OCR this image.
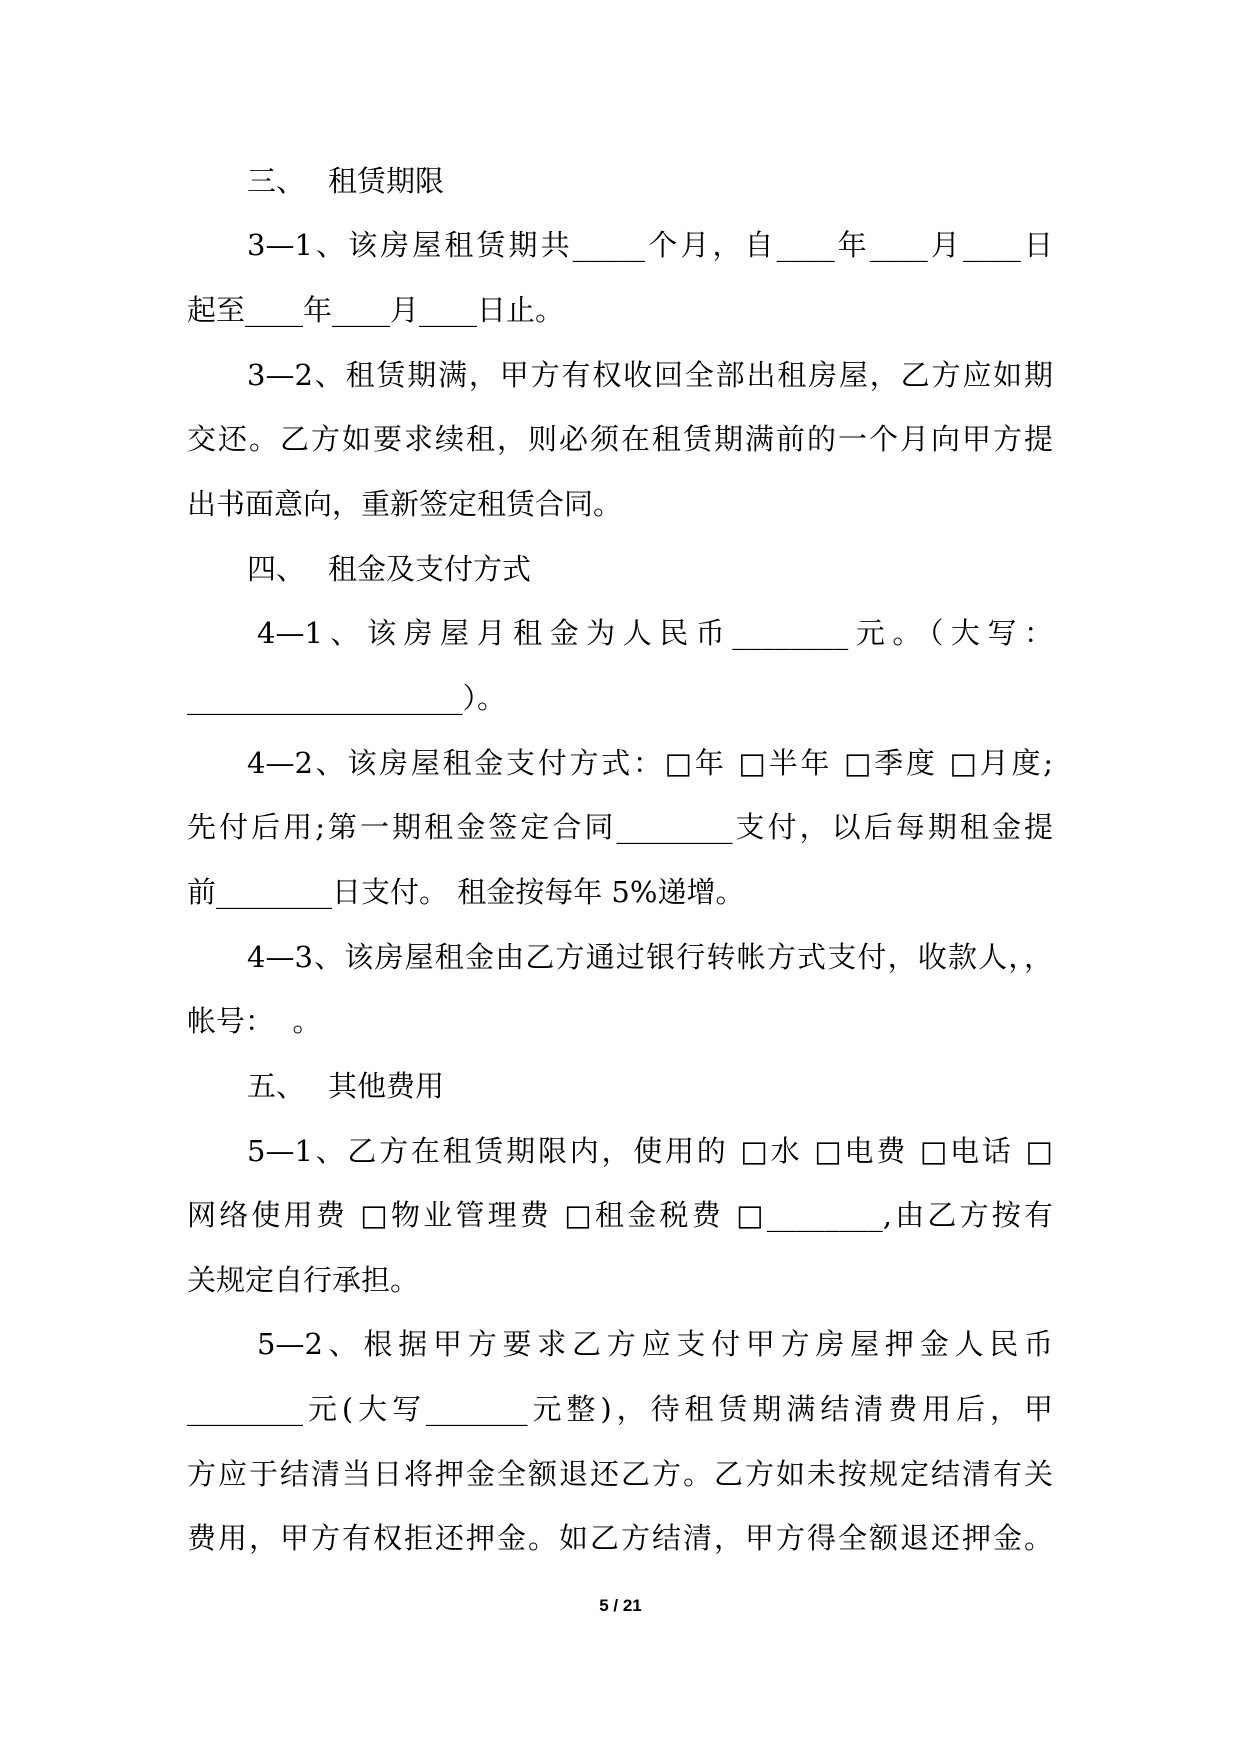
三、 租赁期限
3—1、该房屋租赁期共_____个月，自____年____月____日
起至____年____月____日止。
3—2、租赁期满，甲方有权收回全部出租房屋，乙方应如期
交还。乙方如要求续租，则必须在租赁期满前的一个月向甲方提
出书面意向，重新签定租赁合同。
四、 租金及支付方式
4—1、该房屋月租金为人民币________元。（大写：
___________________）。
4—2、该房屋租金支付方式：□年 □半年 □季度 □月度;
先付后用;第一期租金签定合同________支付，以后每期租金提
前________日支付。 租金按每年 5%递增。
4—3、该房屋租金由乙方通过银行转帐方式支付，收款人，，
帐号：  。
五、 其他费用
5—1、乙方在租赁期限内，使用的 □水 □电费 □电话 □
网络使用费 □物业管理费 □租金税费 □________,由乙方按有
关规定自行承担。
5—2、根据甲方要求乙方应支付甲方房屋押金人民币
________元(大写_______元整)，待租赁期满结清费用后，甲
方应于结清当日将押金全额退还乙方。乙方如未按规定结清有关
费用，甲方有权拒还押金。如乙方结清，甲方得全额退还押金。
5 / 21
